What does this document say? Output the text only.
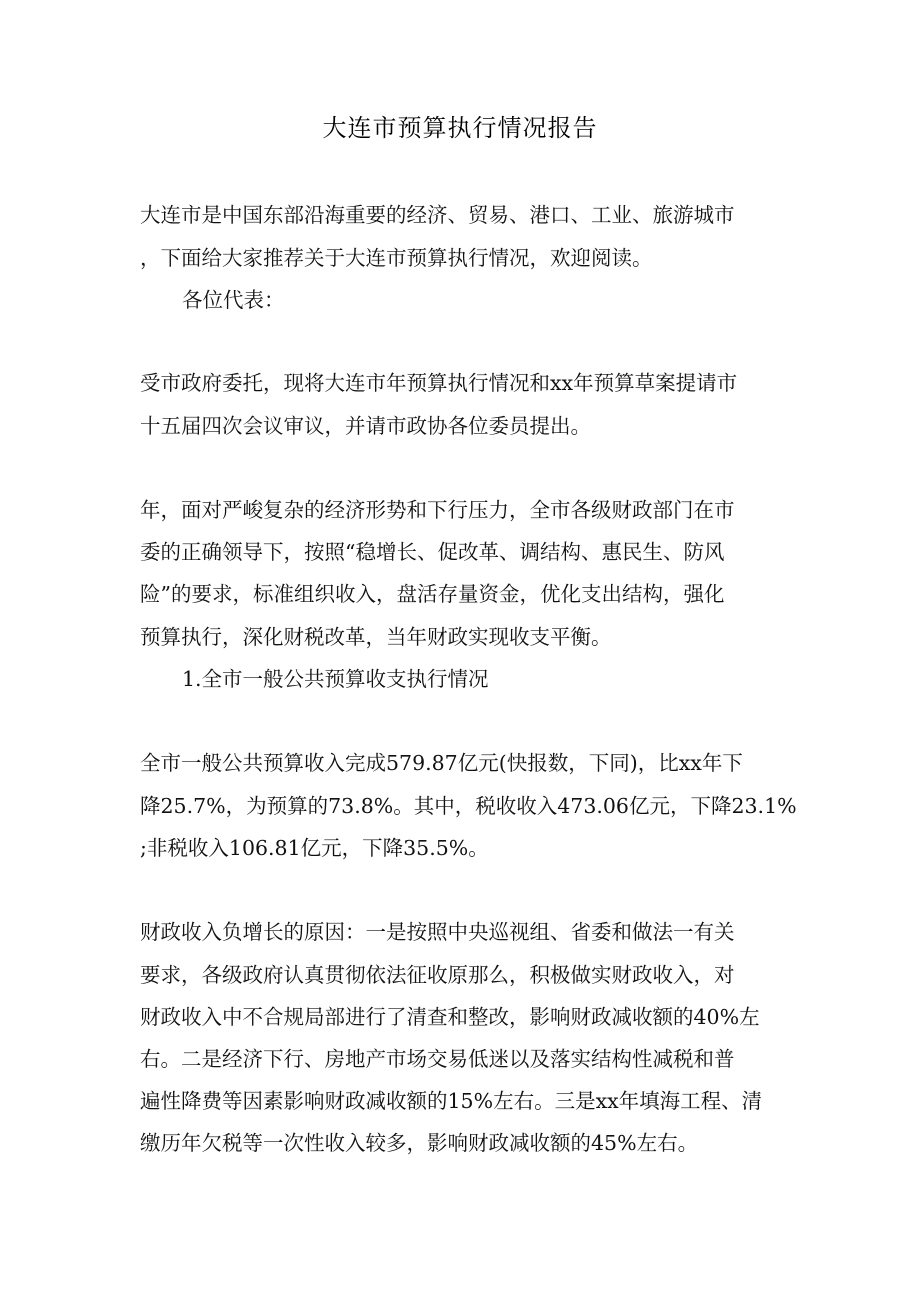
大连市预算执行情况报告
大连市是中国东部沿海重要的经济、贸易、港口、工业、旅游城市
，下面给大家推荐关于大连市预算执行情况，欢迎阅读。
各位代表：
受市政府委托，现将大连市年预算执行情况和xx年预算草案提请市
十五届四次会议审议，并请市政协各位委员提出。
年，面对严峻复杂的经济形势和下行压力，全市各级财政部门在市
委的正确领导下，按照“稳增长、促改革、调结构、惠民生、防风
险”的要求，标准组织收入，盘活存量资金，优化支出结构，强化
预算执行，深化财税改革，当年财政实现收支平衡。
1.全市一般公共预算收支执行情况
全市一般公共预算收入完成579.87亿元(快报数，下同)，比xx年下
降25.7%，为预算的73.8%。其中，税收收入473.06亿元，下降23.1%
;非税收入106.81亿元，下降35.5%。
财政收入负增长的原因：一是按照中央巡视组、省委和做法一有关
要求，各级政府认真贯彻依法征收原那么，积极做实财政收入，对
财政收入中不合规局部进行了清查和整改，影响财政减收额的40%左
右。二是经济下行、房地产市场交易低迷以及落实结构性减税和普
遍性降费等因素影响财政减收额的15%左右。三是xx年填海工程、清
缴历年欠税等一次性收入较多，影响财政减收额的45%左右。
